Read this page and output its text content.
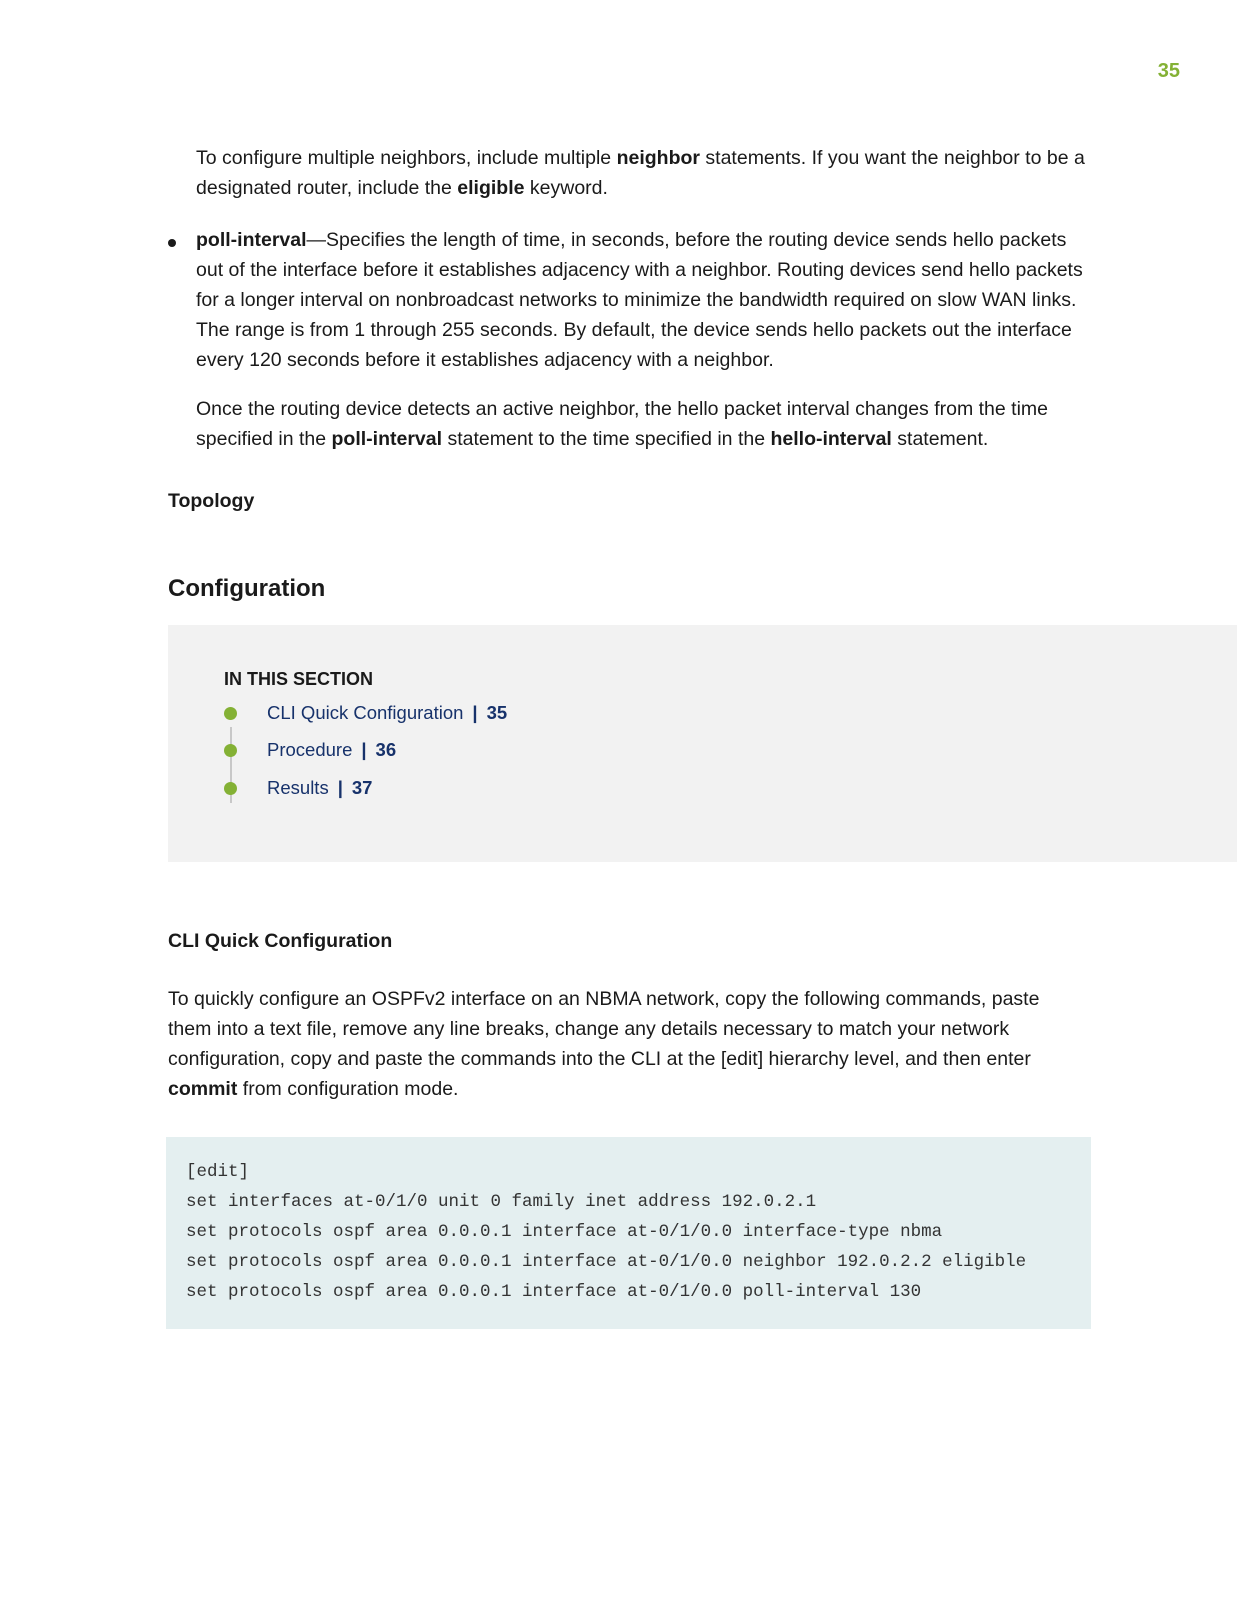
35

To configure multiple neighbors, include multiple neighbor statements. If you want the neighbor to be a designated router, include the eligible keyword.

poll-interval—Specifies the length of time, in seconds, before the routing device sends hello packets out of the interface before it establishes adjacency with a neighbor. Routing devices send hello packets for a longer interval on nonbroadcast networks to minimize the bandwidth required on slow WAN links. The range is from 1 through 255 seconds. By default, the device sends hello packets out the interface every 120 seconds before it establishes adjacency with a neighbor.

Once the routing device detects an active neighbor, the hello packet interval changes from the time specified in the poll-interval statement to the time specified in the hello-interval statement.

Topology
Configuration
IN THIS SECTION
CLI Quick Configuration | 35
Procedure | 36
Results | 37
CLI Quick Configuration

To quickly configure an OSPFv2 interface on an NBMA network, copy the following commands, paste them into a text file, remove any line breaks, change any details necessary to match your network configuration, copy and paste the commands into the CLI at the [edit] hierarchy level, and then enter commit from configuration mode.

[edit]
set interfaces at-0/1/0 unit 0 family inet address 192.0.2.1
set protocols ospf area 0.0.0.1 interface at-0/1/0.0 interface-type nbma
set protocols ospf area 0.0.0.1 interface at-0/1/0.0 neighbor 192.0.2.2 eligible
set protocols ospf area 0.0.0.1 interface at-0/1/0.0 poll-interval 130
